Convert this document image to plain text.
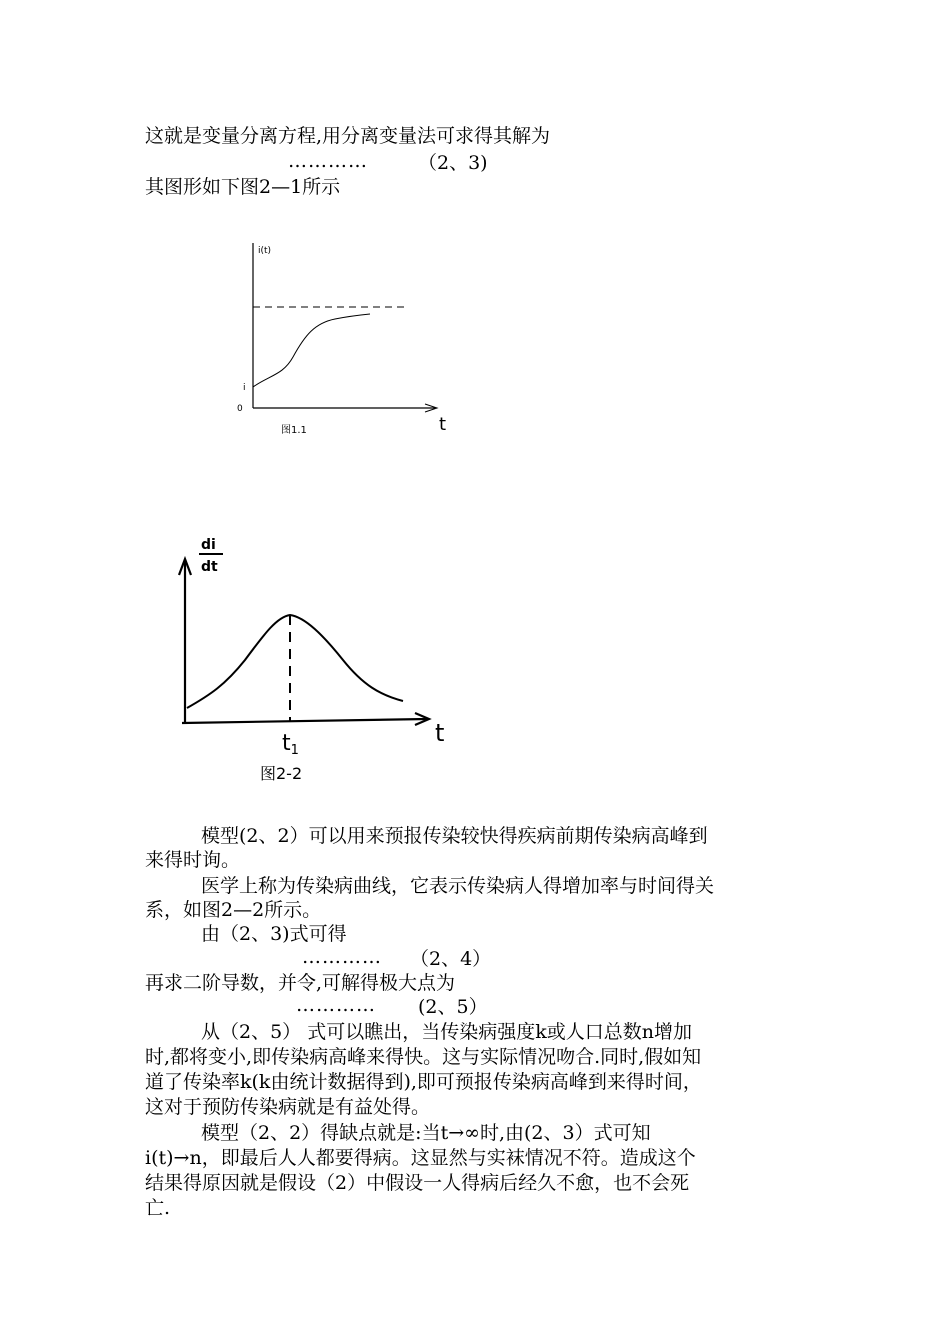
这就是变量分离方程,用分离变量法可求得其解为
…………	（2、3)
其图形如下图2—1所示
i(t)
i
0
t
图1.1
di
dt
t
t1
图2-2
模型(2、2）可以用来预报传染较快得疾病前期传染病高峰到
来得时询。
医学上称为传染病曲线，它表示传染病人得增加率与时间得关
系，如图2—2所示。
由（2、3)式可得
………… （2、4）
再求二阶导数，并令,可解得极大点为
………… (2、5）
从（2、5） 式可以瞧出，当传染病强度k或人口总数n增加
时,都将变小,即传染病高峰来得快。这与实际情况吻合.同时,假如知
道了传染率k(k由统计数据得到),即可预报传染病高峰到来得时间，
这对于预防传染病就是有益处得。
模型（2、2）得缺点就是:当t→∞时,由(2、3）式可知
i(t)→n，即最后人人都要得病。这显然与实袜情况不符。造成这个
结果得原因就是假设（2）中假设一人得病后经久不愈，也不会死
亡.
